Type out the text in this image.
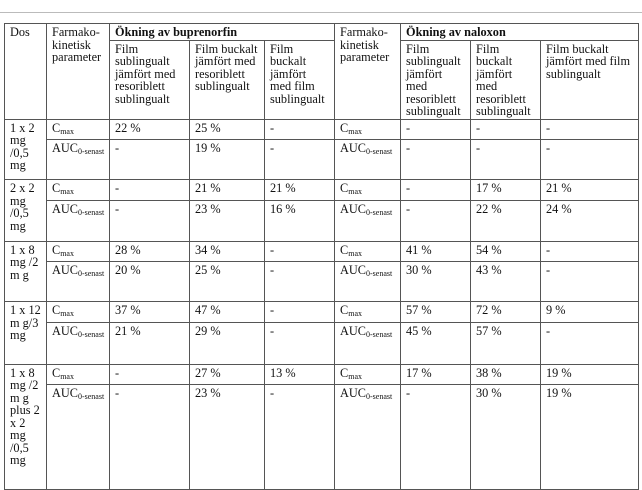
Dos	Farmako-kinetisk parameter	Ökning av buprenorfin			Farmako-kinetisk parameter	Ökning av naloxon		
		Film sublingualt jämfört med resoriblett sublingualt	Film buckalt jämfört med resoriblett sublingualt	Film buckalt jämfört med film sublingualt		Film sublingualt jämfört med resoriblett sublingualt	Film buckalt jämfört med resoriblett sublingualt	Film buckalt jämfört med film sublingualt
1 x 2 mg /0,5 mg	$C_{max}$	22 %	25 %	-	$C_{max}$	-	-	-
	$AUC_{0-senast}$	-	19 %	-	$AUC_{0-senast}$	-	-	-
2 x 2 mg /0,5 mg	$C_{max}$	-	21 %	21 %	$C_{max}$	-	17 %	21 %
	$AUC_{0-senast}$	-	23 %	16 %	$AUC_{0-senast}$	-	22 %	24 %
1 x 8 mg /2 m g	$C_{max}$	28 %	34 %	-	$C_{max}$	41 %	54 %	-
	$AUC_{0-senast}$	20 %	25 %	-	$AUC_{0-senast}$	30 %	43 %	-
1 x 12 m g/3 mg	$C_{max}$	37 %	47 %	-	$C_{max}$	57 %	72 %	9 %
	$AUC_{0-senast}$	21 %	29 %	-	$AUC_{0-senast}$	45 %	57 %	-
1 x 8 mg /2 m g plus 2 x 2 mg /0,5 mg	$C_{max}$	-	27 %	13 %	$C_{max}$	17 %	38 %	19 %
	$AUC_{0-senast}$	-	23 %	-	$AUC_{0-senast}$	-	30 %	19 %
